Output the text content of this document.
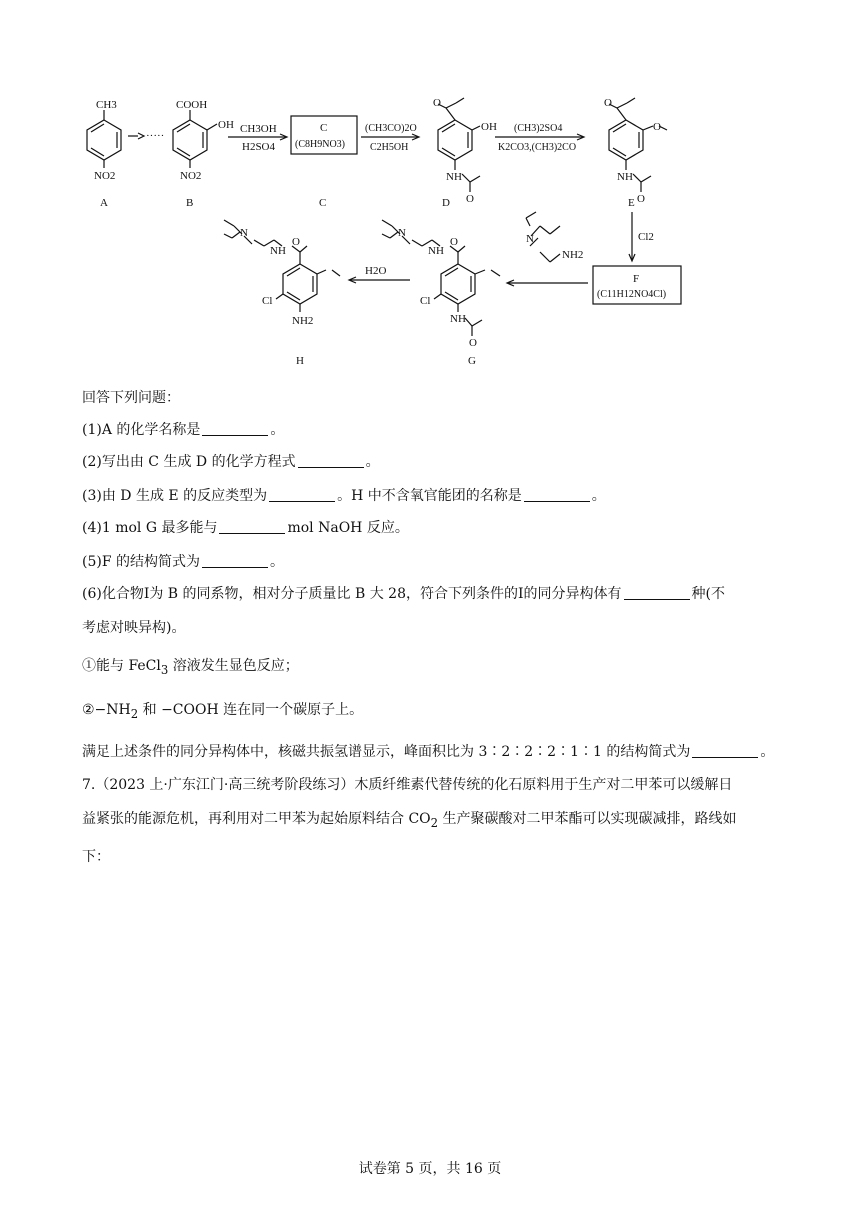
CH3
NO2
·····
COOH
OH
NO2
CH3OH
H2SO4
C
(C8H9NO3)
(CH3CO)2O
C2H5OH
O
OH
NH
O
(CH3)2SO4
K2CO3,(CH3)2CO
O
O
NH
O
Cl2
F
(C11H12NO4Cl)
N
NH2
O
NH
N
Cl
NH
O
H2O
O
NH
N
Cl
NH2
A	B	C	D	E
G
H
回答下列问题：
(1)A 的化学名称是	。
(2)写出由 C 生成 D 的化学方程式	。
(3)由 D 生成 E 的反应类型为	。H 中不含氧官能团的名称是	。
(4)1 mol G 最多能与	mol NaOH 反应。
(5)F 的结构简式为	。
(6)化合物Ⅰ为 B 的同系物，相对分子质量比 B 大 28，符合下列条件的Ⅰ的同分异构体有	种(不
考虑对映异构)。
①能与 FeCl$_3$ 溶液发生显色反应；
$②-NH_2$ 和 −COOH 连在同一个碳原子上。
满足上述条件的同分异构体中，核磁共振氢谱显示，峰面积比为 3∶2∶2∶2∶1∶1 的结构简式为	。
7.（2023 上·广东江门·高三统考阶段练习）木质纤维素代替传统的化石原料用于生产对二甲苯可以缓解日
益紧张的能源危机，再利用对二甲苯为起始原料结合 $CO_2$ 生产聚碳酸对二甲苯酯可以实现碳减排，路线如
下：
试卷第 5 页，共 16 页
